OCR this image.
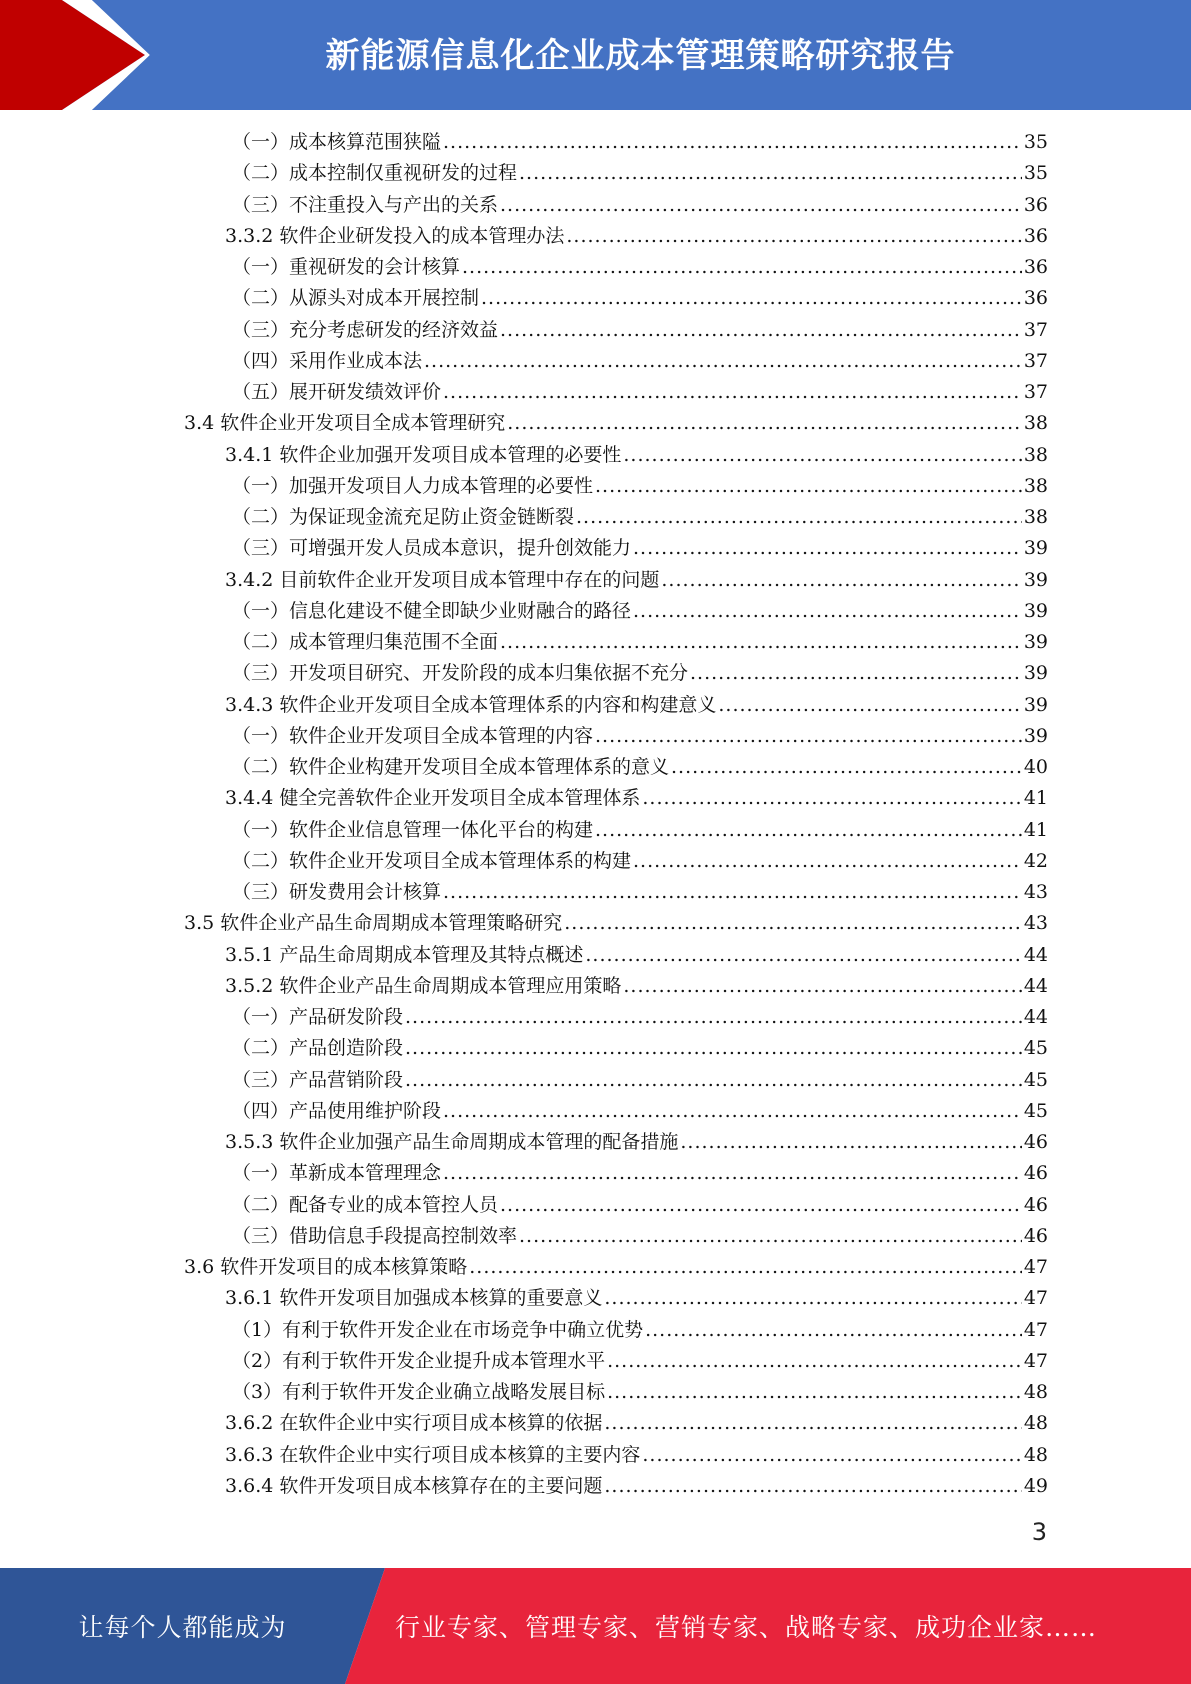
新能源信息化企业成本管理策略研究报告
（一）成本核算范围狭隘 .....	35
（二）成本控制仅重视研发的过程 .....	35
（三）不注重投入与产出的关系 .....	36
3.3.2 软件企业研发投入的成本管理办法 .....	36
（一）重视研发的会计核算 .....	36
（二）从源头对成本开展控制 .....	36
（三）充分考虑研发的经济效益 .....	37
（四）采用作业成本法 .....	37
（五）展开研发绩效评价 .....	37
3.4 软件企业开发项目全成本管理研究 .....	38
3.4.1 软件企业加强开发项目成本管理的必要性 .....	38
（一）加强开发项目人力成本管理的必要性 .....	38
（二）为保证现金流充足防止资金链断裂 .....	38
（三）可增强开发人员成本意识，提升创效能力 .....	39
3.4.2 目前软件企业开发项目成本管理中存在的问题 .....	39
（一）信息化建设不健全即缺少业财融合的路径 .....	39
（二）成本管理归集范围不全面 .....	39
（三）开发项目研究、开发阶段的成本归集依据不充分 .....	39
3.4.3 软件企业开发项目全成本管理体系的内容和构建意义 .....	39
（一）软件企业开发项目全成本管理的内容 .....	39
（二）软件企业构建开发项目全成本管理体系的意义 .....	40
3.4.4 健全完善软件企业开发项目全成本管理体系 .....	41
（一）软件企业信息管理一体化平台的构建 .....	41
（二）软件企业开发项目全成本管理体系的构建 .....	42
（三）研发费用会计核算 .....	43
3.5 软件企业产品生命周期成本管理策略研究 .....	43
3.5.1 产品生命周期成本管理及其特点概述 .....	44
3.5.2 软件企业产品生命周期成本管理应用策略 .....	44
（一）产品研发阶段 .....	44
（二）产品创造阶段 .....	45
（三）产品营销阶段 .....	45
（四）产品使用维护阶段 .....	45
3.5.3 软件企业加强产品生命周期成本管理的配备措施 .....	46
（一）革新成本管理理念 .....	46
（二）配备专业的成本管控人员 .....	46
（三）借助信息手段提高控制效率 .....	46
3.6 软件开发项目的成本核算策略 .....	47
3.6.1 软件开发项目加强成本核算的重要意义 .....	47
（1）有利于软件开发企业在市场竞争中确立优势 .....	47
（2）有利于软件开发企业提升成本管理水平 .....	47
（3）有利于软件开发企业确立战略发展目标 .....	48
3.6.2 在软件企业中实行项目成本核算的依据 .....	48
3.6.3 在软件企业中实行项目成本核算的主要内容 .....	48
3.6.4 软件开发项目成本核算存在的主要问题 .....	49
3
让每个人都能成为	行业专家、管理专家、营销专家、战略专家、成功企业家……
